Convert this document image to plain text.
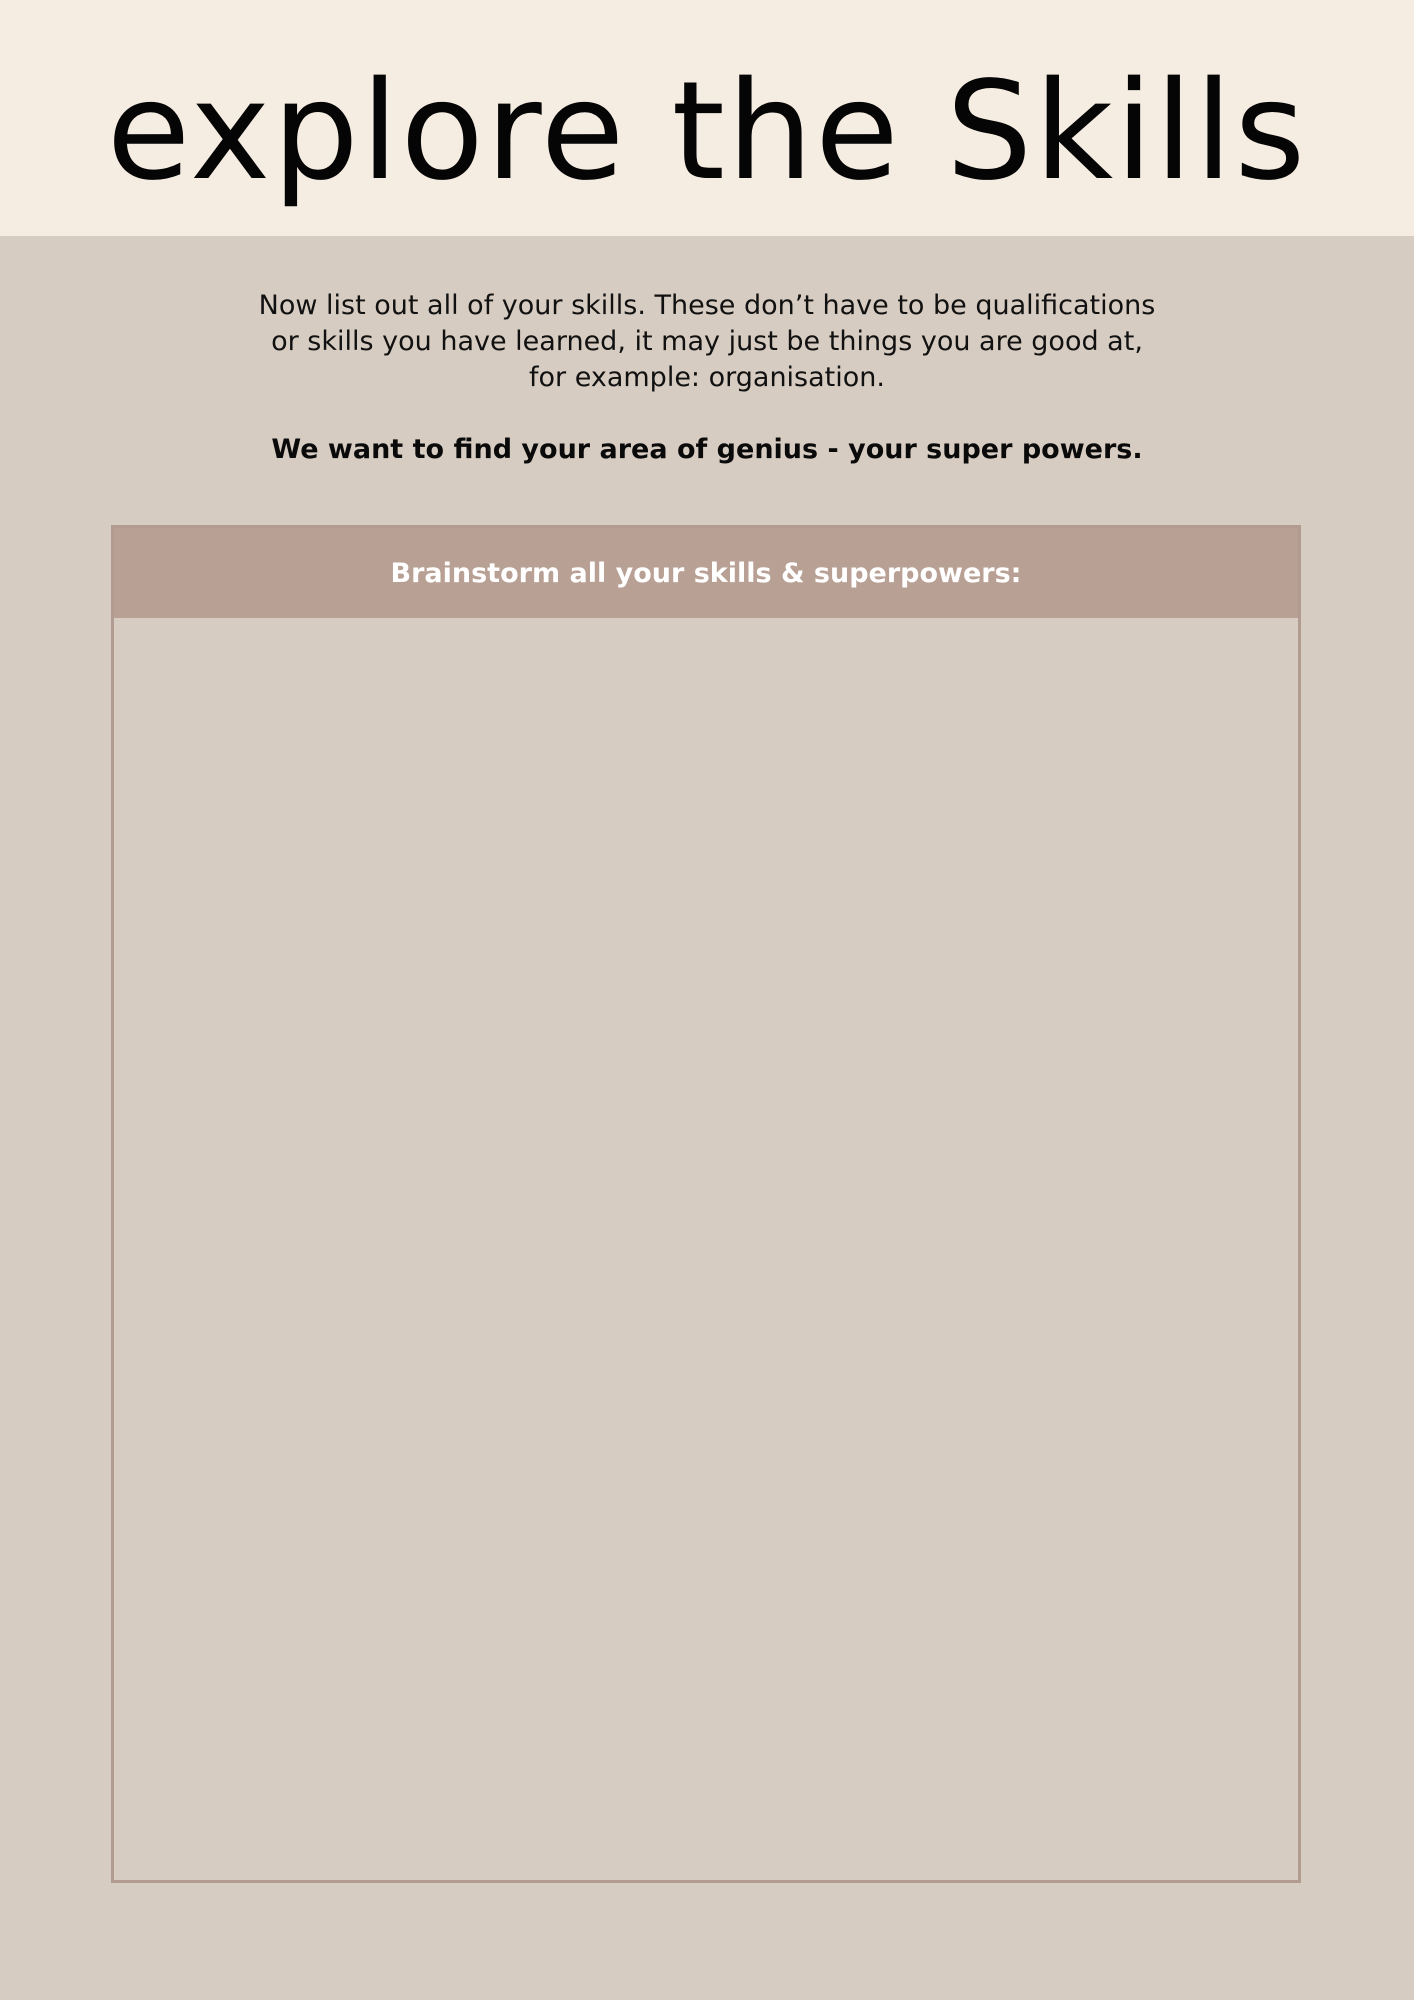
explore the Skills

Now list out all of your skills. These don’t have to be qualifications or skills you have learned, it may just be things you are good at, for example: organisation.

We want to find your area of genius - your super powers.

Brainstorm all your skills & superpowers:
